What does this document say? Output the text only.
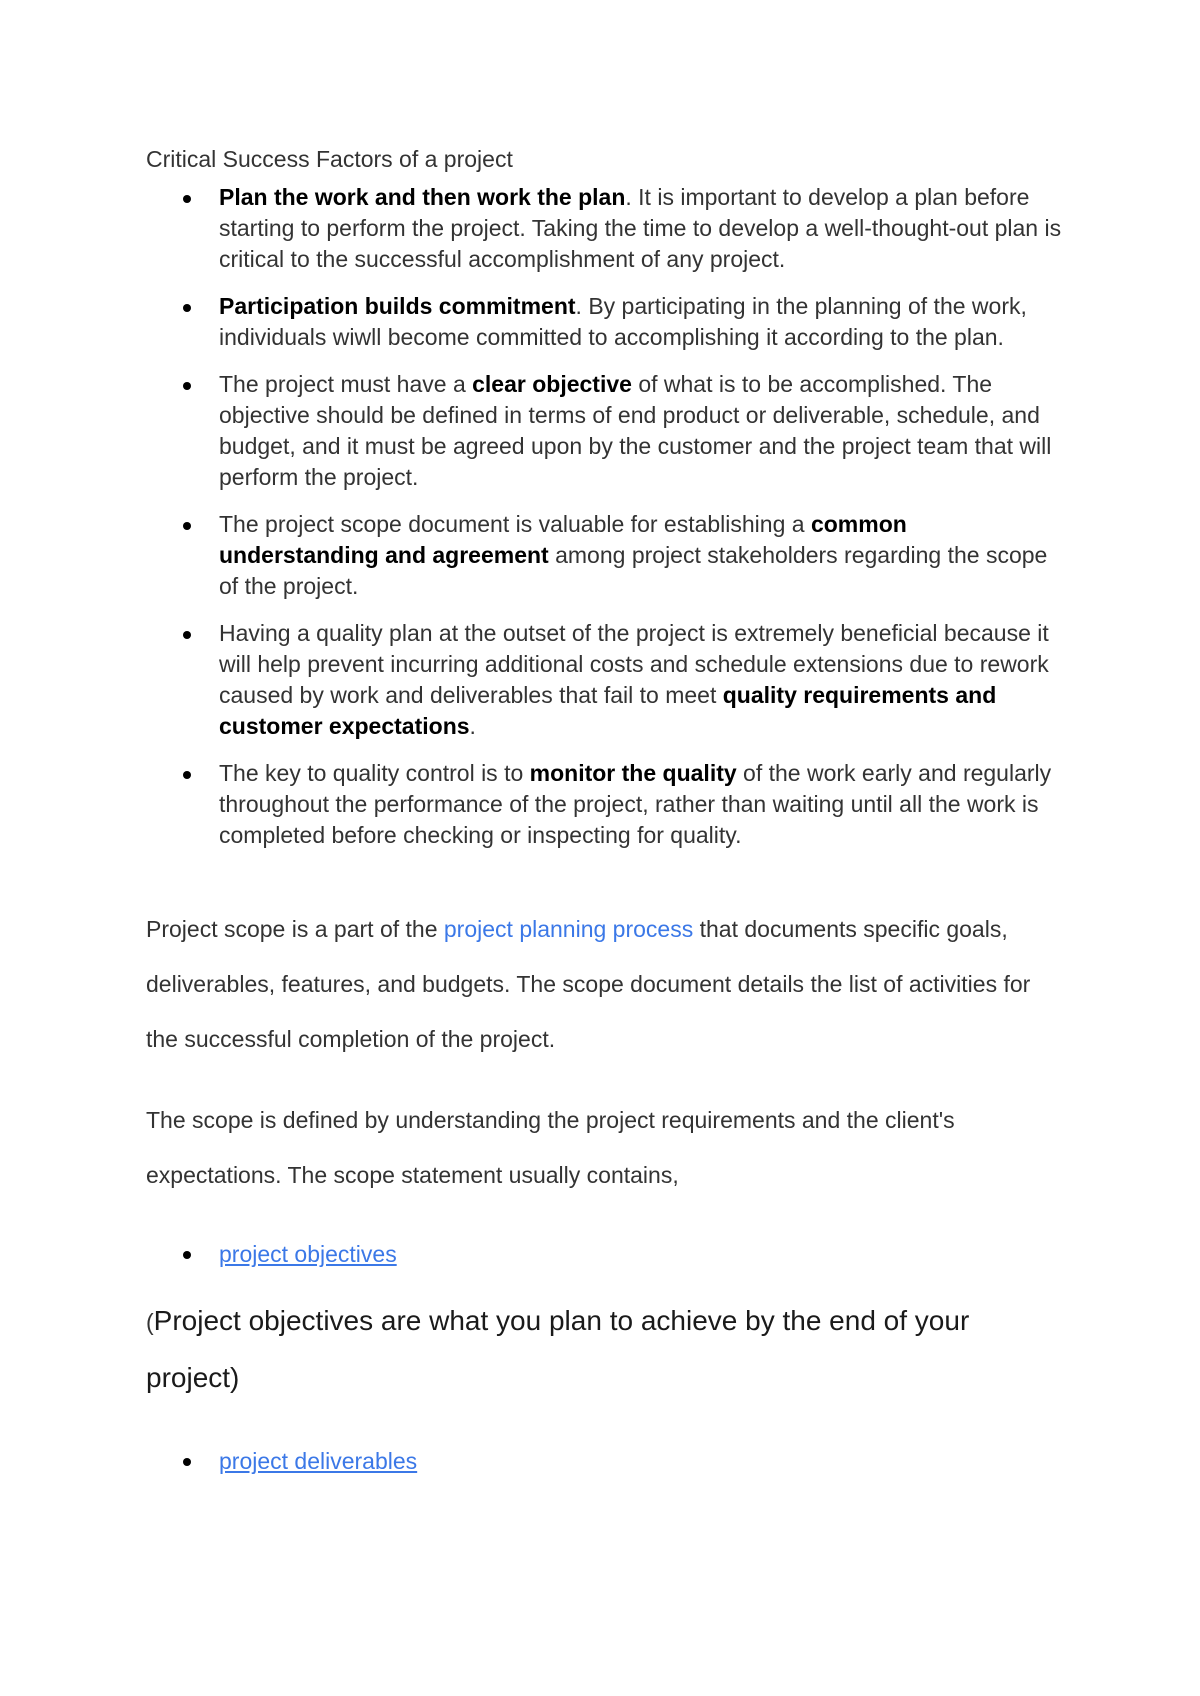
Critical Success Factors of a project
Plan the work and then work the plan. It is important to develop a plan before starting to perform the project. Taking the time to develop a well-thought-out plan is critical to the successful accomplishment of any project.
Participation builds commitment. By participating in the planning of the work, individuals wiwll become committed to accomplishing it according to the plan.
The project must have a clear objective of what is to be accomplished. The objective should be defined in terms of end product or deliverable, schedule, and budget, and it must be agreed upon by the customer and the project team that will perform the project.
The project scope document is valuable for establishing a common understanding and agreement among project stakeholders regarding the scope of the project.
Having a quality plan at the outset of the project is extremely beneficial because it will help prevent incurring additional costs and schedule extensions due to rework caused by work and deliverables that fail to meet quality requirements and customer expectations.
The key to quality control is to monitor the quality of the work early and regularly throughout the performance of the project, rather than waiting until all the work is completed before checking or inspecting for quality.

Project scope is a part of the project planning process that documents specific goals, deliverables, features, and budgets. The scope document details the list of activities for the successful completion of the project.

The scope is defined by understanding the project requirements and the client's expectations. The scope statement usually contains,

project objectives

(Project objectives are what you plan to achieve by the end of your project)

project deliverables
